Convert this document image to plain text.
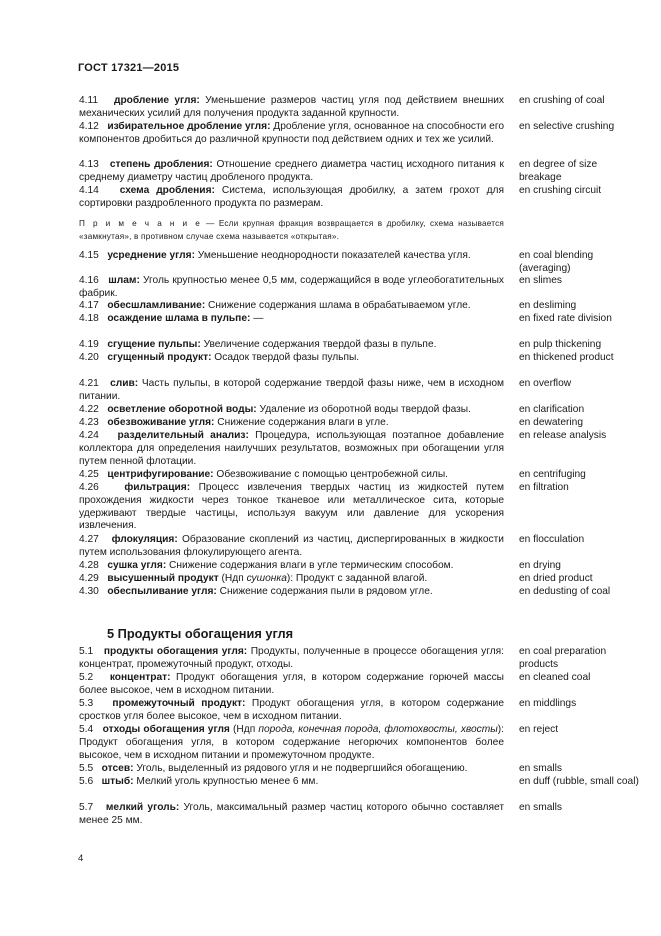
ГОСТ 17321—2015
4.11 дробление угля: Уменьшение размеров частиц угля под действием внешних механических усилий для получения продукта заданной крупности.
en crushing of coal
4.12 избирательное дробление угля: Дробление угля, основанное на способности его компонентов дробиться до различной крупности под действием одних и тех же усилий.
en selective crushing
4.13 степень дробления: Отношение среднего диаметра частиц исходного питания к среднему диаметру частиц дробленого продукта.
en degree of size breakage
4.14 схема дробления: Система, использующая дробилку, а затем грохот для сортировки раздробленного продукта по размерам.
en crushing circuit
П р и м е ч а н и е — Если крупная фракция возвращается в дробилку, схема называется «замкнутая», в противном случае схема называется «открытая».
4.15 усреднение угля: Уменьшение неоднородности показателей качества угля.	en coal blending (averaging)
4.16 шлам: Уголь крупностью менее 0,5 мм, содержащийся в воде углеобогатительных фабрик.
en slimes
4.17 обесшламливание: Снижение содержания шлама в обрабатываемом угле.	en desliming
4.18 осаждение шлама в пульпе: —	en fixed rate division
4.19 сгущение пульпы: Увеличение содержания твердой фазы в пульпе.	en pulp thickening
4.20 сгущенный продукт: Осадок твердой фазы пульпы.	en thickened product
4.21 слив: Часть пульпы, в которой содержание твердой фазы ниже, чем в исходном питании.
en overflow
4.22 осветление оборотной воды: Удаление из оборотной воды твердой фазы.	en clarification
4.23 обезвоживание угля: Снижение содержания влаги в угле.	en dewatering
4.24 разделительный анализ: Процедура, использующая поэтапное добавление коллектора для определения наилучших результатов, возможных при обогащении угля путем пенной флотации.
en release analysis
4.25 центрифугирование: Обезвоживание с помощью центробежной силы.	en centrifuging
4.26	фильтрация: Процесс извлечения твердых частиц из жидкостей путем прохождения жидкости через тонкое тканевое или металлическое сита, которые удерживают твердые частицы, используя вакуум или давление для ускорения извлечения.
en filtration
4.27 флокуляция: Образование скоплений из частиц, диспергированных в жидкости путем использования флокулирующего агента.
en flocculation
4.28 сушка угля: Снижение содержания влаги в угле термическим способом.	en drying
4.29 высушенный продукт (Ндп сушонка): Продукт с заданной влагой.	en dried product
4.30 обеспыливание угля: Снижение содержания пыли в рядовом угле.	en dedusting of coal
5 Продукты обогащения угля
5.1 продукты обогащения угля: Продукты, полученные в процессе обогащения угля: концентрат, промежуточный продукт, отходы.
en coal preparation products
5.2 концентрат: Продукт обогащения угля, в котором содержание горючей массы более высокое, чем в исходном питании.
en cleaned coal
5.3 промежуточный продукт: Продукт обогащения угля, в котором содержание сростков угля более высокое, чем в исходном питании.
en middlings
5.4 отходы обогащения угля (Ндп порода, конечная порода, флотохвосты, хвосты): Продукт обогащения угля, в котором содержание негорючих компонентов более высокое, чем в исходном питании и промежуточном продукте.
en reject
5.5 отсев: Уголь, выделенный из рядового угля и не подвергшийся обогащению.	en smalls
5.6 штыб: Мелкий уголь крупностью менее 6 мм.	en duff (rubble, small coal)
5.7 мелкий уголь: Уголь, максимальный размер частиц которого обычно составляет менее 25 мм.
en smalls
4
